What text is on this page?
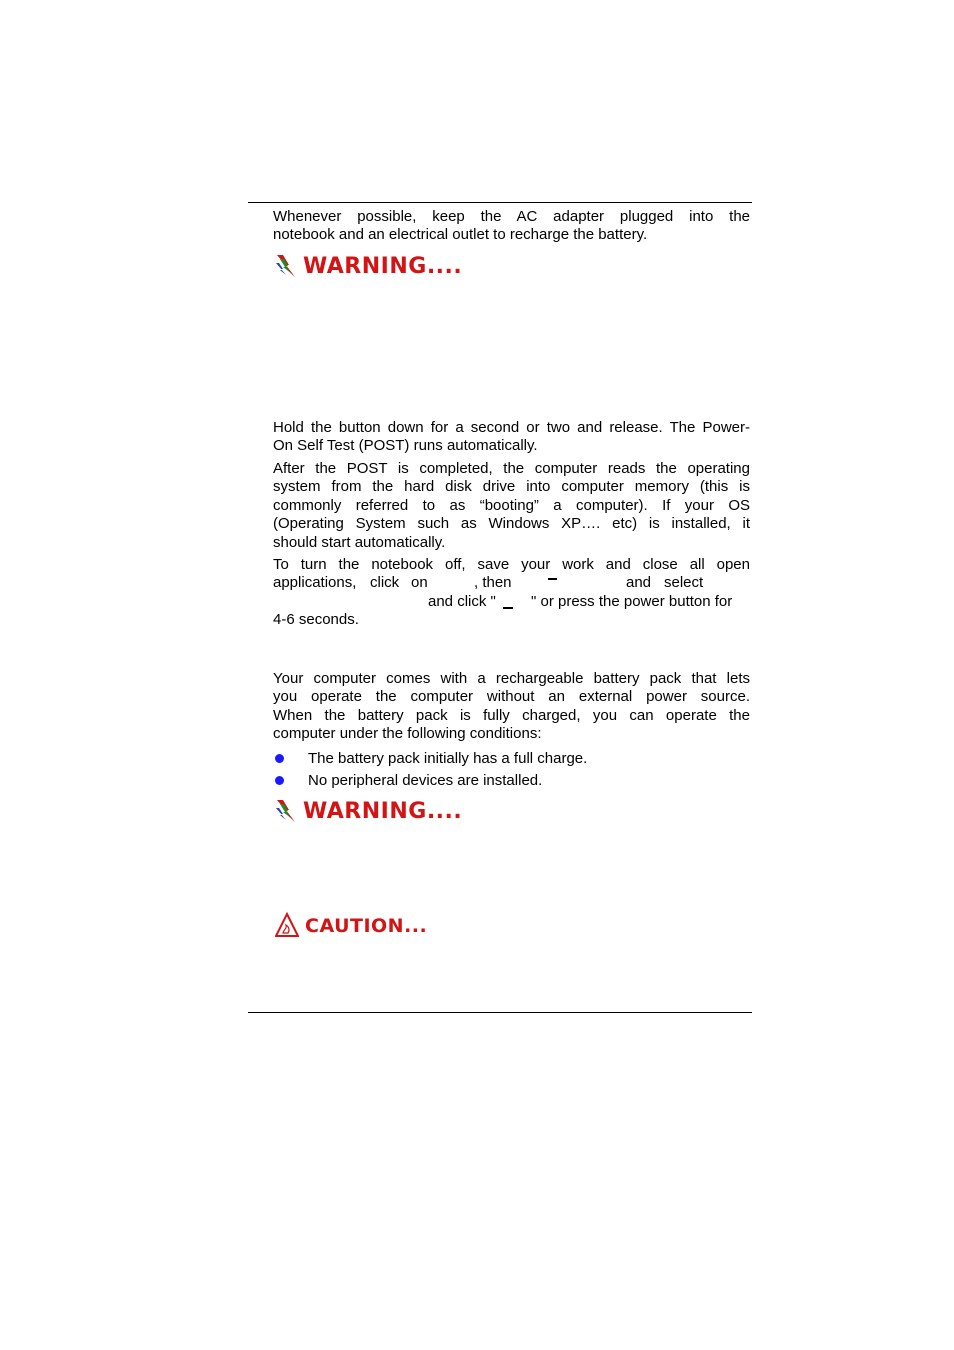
Whenever possible, keep the AC adapter plugged into the
notebook and an electrical outlet to recharge the battery.

WARNING....

Hold the button down for a second or two and release. The Power-
On Self Test (POST) runs automatically.

After the POST is completed, the computer reads the operating
system from the hard disk drive into computer memory (this is
commonly referred to as “booting” a computer). If your OS
(Operating System such as Windows XP…. etc) is installed, it
should start automatically.

To turn the notebook off, save your work and close all open

applications, click on	, then	and select
and click " " or press the power button for
4-6 seconds.

Your computer comes with a rechargeable battery pack that lets
you operate the computer without an external power source.
When the battery pack is fully charged, you can operate the
computer under the following conditions:

The battery pack initially has a full charge.
No peripheral devices are installed.
WARNING....
CAUTION...
